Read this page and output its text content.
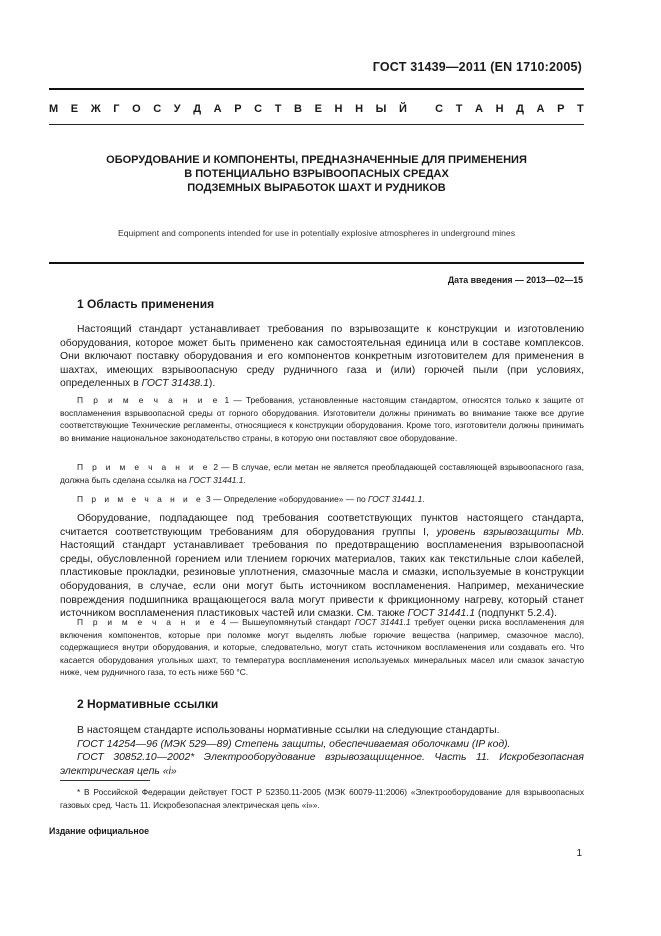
ГОСТ 31439—2011 (EN 1710:2005)
М Е Ж Г О С У Д А Р С Т В Е Н Н Ы Й
	С Т А Н Д А Р Т
ОБОРУДОВАНИЕ И КОМПОНЕНТЫ, ПРЕДНАЗНАЧЕННЫЕ ДЛЯ ПРИМЕНЕНИЯ
В ПОТЕНЦИАЛЬНО ВЗРЫВООПАСНЫХ СРЕДАХ
ПОДЗЕМНЫХ ВЫРАБОТОК ШАХТ И РУДНИКОВ
Equipment and components intended for use in potentially explosive atmospheres in underground mines
Дата введения — 2013—02—15
1 Область применения
Настоящий стандарт устанавливает требования по взрывозащите к конструкции и изготовлению оборудования, которое может быть применено как самостоятельная единица или в составе комплексов. Они включают поставку оборудования и его компонентов конкретным изготовителем для применения в шахтах, имеющих взрывоопасную среду рудничного газа и (или) горючей пыли (при условиях, определенных в ГОСТ 31438.1).
П р и м е ч а н и е 1 — Требования, установленные настоящим стандартом, относятся только к защите от воспламенения взрывоопасной среды от горного оборудования. Изготовители должны принимать во внимание также все другие соответствующие Технические регламенты, относящиеся к конструкции оборудования. Кроме того, изготовители должны принимать во внимание национальное законодательство страны, в которую они поставляют свое оборудование.
П р и м е ч а н и е 2 — В случае, если метан не является преобладающей составляющей взрывоопасного газа, должна быть сделана ссылка на ГОСТ 31441.1.
П р и м е ч а н и е 3 — Определение «оборудование» — по ГОСТ 31441.1.
Оборудование, подпадающее под требования соответствующих пунктов настоящего стандарта, считается соответствующим требованиям для оборудования группы I, уровень взрывозащиты Mb. Настоящий стандарт устанавливает требования по предотвращению воспламенения взрывоопасной среды, обусловленной горением или тлением горючих материалов, таких как текстильные слои кабелей, пластиковые прокладки, резиновые уплотнения, смазочные масла и смазки, используемые в конструкции оборудования, в случае, если они могут быть источником воспламенения. Например, механические повреждения подшипника вращающегося вала могут привести к фрикционному нагреву, который станет источником воспламенения пластиковых частей или смазки. См. также ГОСТ 31441.1 (подпункт 5.2.4).
П р и м е ч а н и е 4 — Вышеупомянутый стандарт ГОСТ 31441.1 требует оценки риска воспламенения для включения компонентов, которые при поломке могут выделять любые горючие вещества (например, смазочное масло), содержащиеся внутри оборудования, и которые, следовательно, могут стать источником воспламенения или создавать его. Что касается оборудования угольных шахт, то температура воспламенения используемых минеральных масел или смазок зачастую ниже, чем рудничного газа, то есть ниже 560 °С.
2 Нормативные ссылки
В настоящем стандарте использованы нормативные ссылки на следующие стандарты.
ГОСТ 14254—96 (МЭК 529—89) Степень защиты, обеспечиваемая оболочками (IP код).
ГОСТ 30852.10—2002* Электрооборудование взрывозащищенное. Часть 11. Искробезопасная электрическая цепь «i»
* В Российской Федерации действует ГОСТ Р 52350.11-2005 (МЭК 60079-11:2006) «Электрооборудование для взрывоопасных газовых сред. Часть 11. Искробезопасная электрическая цепь «i»».
Издание официальное
1
